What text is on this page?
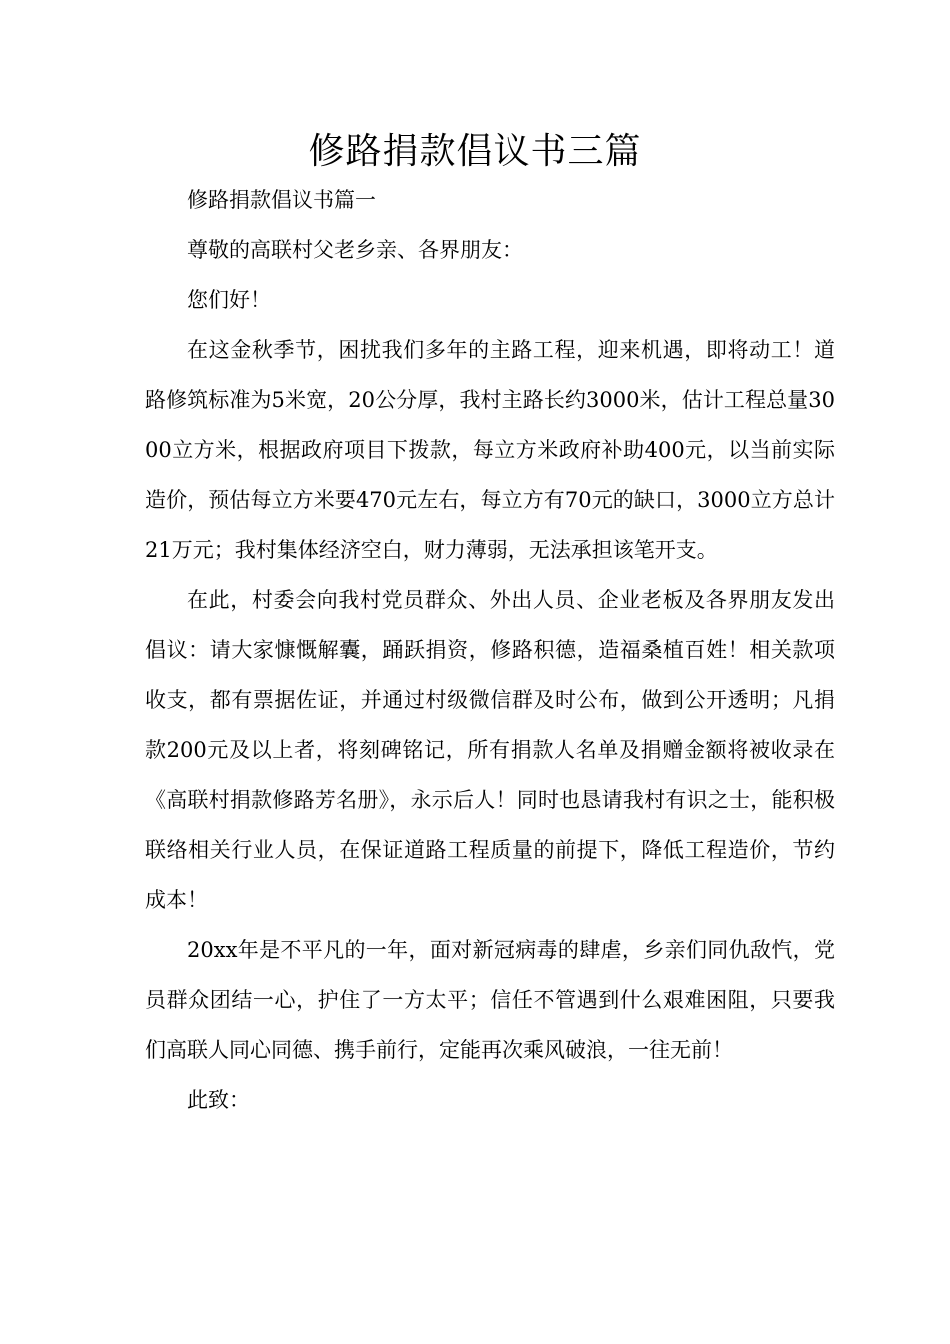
修路捐款倡议书三篇

修路捐款倡议书篇一

尊敬的高联村父老乡亲、各界朋友：

您们好！

在这金秋季节，困扰我们多年的主路工程，迎来机遇，即将动工！道路修筑标准为5米宽，20公分厚，我村主路长约3000米，估计工程总量3000立方米，根据政府项目下拨款，每立方米政府补助400元，以当前实际造价，预估每立方米要470元左右，每立方有70元的缺口，3000立方总计21万元；我村集体经济空白，财力薄弱，无法承担该笔开支。

在此，村委会向我村党员群众、外出人员、企业老板及各界朋友发出倡议：请大家慷慨解囊，踊跃捐资，修路积德，造福桑植百姓！相关款项收支，都有票据佐证，并通过村级微信群及时公布，做到公开透明；凡捐款200元及以上者，将刻碑铭记，所有捐款人名单及捐赠金额将被收录在《高联村捐款修路芳名册》，永示后人！同时也恳请我村有识之士，能积极联络相关行业人员，在保证道路工程质量的前提下，降低工程造价，节约成本！

20xx年是不平凡的一年，面对新冠病毒的肆虐，乡亲们同仇敌忾，党员群众团结一心，护住了一方太平；信任不管遇到什么艰难困阻，只要我们高联人同心同德、携手前行，定能再次乘风破浪，一往无前！

此致：
